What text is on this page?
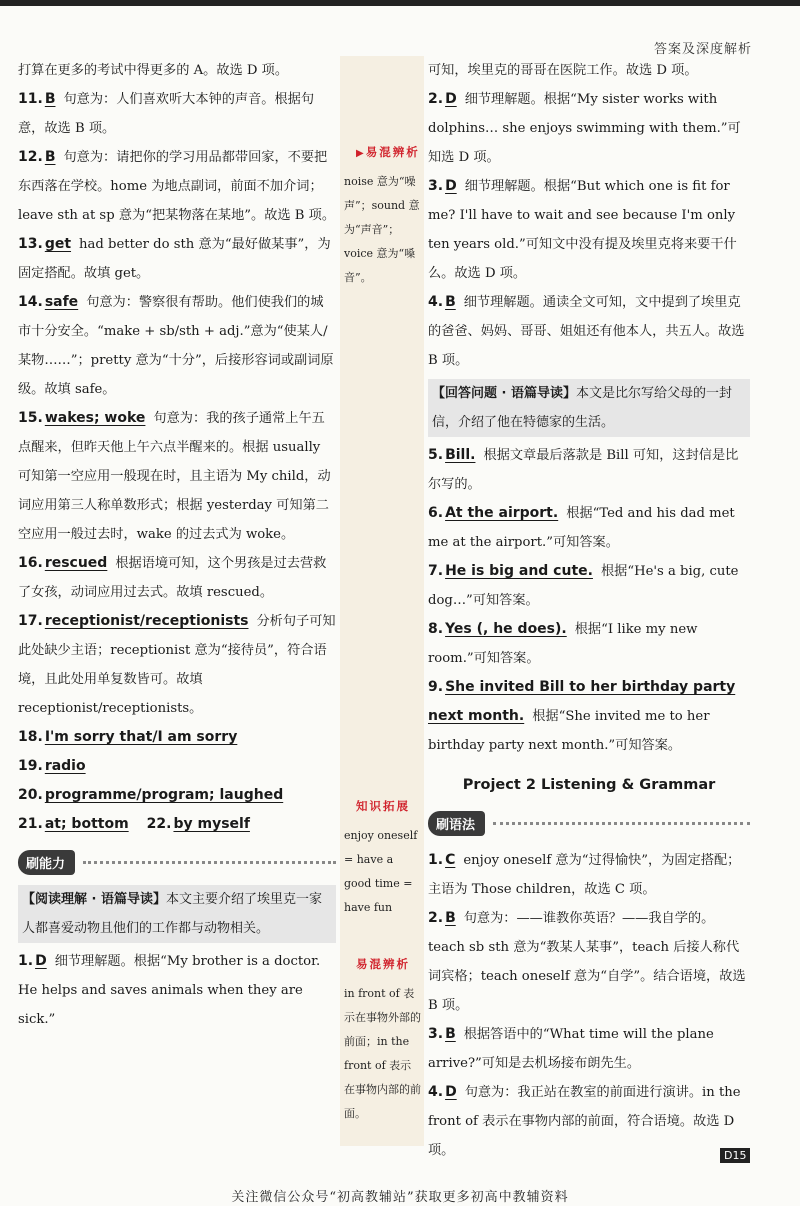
答案及深度解析

打算在更多的考试中得更多的 A。故选 D 项。

11. B 句意为：人们喜欢听大本钟的声音。根据句意，故选 B 项。

12. B 句意为：请把你的学习用品都带回家，不要把东西落在学校。home 为地点副词，前面不加介词；leave sth at sp 意为“把某物落在某地”。故选 B 项。

13. get had better do sth 意为“最好做某事”，为固定搭配。故填 get。

14. safe 句意为：警察很有帮助。他们使我们的城市十分安全。“make + sb/sth + adj.”意为“使某人/某物……”；pretty 意为“十分”，后接形容词或副词原级。故填 safe。

15. wakes; woke 句意为：我的孩子通常上午五点醒来，但昨天他上午六点半醒来的。根据 usually 可知第一空应用一般现在时，且主语为 My child，动词应用第三人称单数形式；根据 yesterday 可知第二空应用一般过去时，wake 的过去式为 woke。

16. rescued 根据语境可知，这个男孩是过去营救了女孩，动词应用过去式。故填 rescued。

17. receptionist/receptionists 分析句子可知此处缺少主语；receptionist 意为“接待员”，符合语境，且此处用单复数皆可。故填 receptionist/receptionists。

18. I'm sorry that/I am sorry

19. radio

20. programme/program; laughed

21. at; bottom 22. by myself

刷能力
【阅读理解 · 语篇导读】本文主要介绍了埃里克一家人都喜爱动物且他们的工作都与动物相关。

1. D 细节理解题。根据“My brother is a doctor. He helps and saves animals when they are sick.”

▶易混辨析
noise 意为“噪声”；sound 意为“声音”；voice 意为“嗓音”。
知识拓展
enjoy oneself = have a good time = have fun
易混辨析
in front of 表示在事物外部的前面；in the front of 表示在事物内部的前面。

可知，埃里克的哥哥在医院工作。故选 D 项。

2. D 细节理解题。根据“My sister works with dolphins… she enjoys swimming with them.”可知选 D 项。

3. D 细节理解题。根据“But which one is fit for me? I'll have to wait and see because I'm only ten years old.”可知文中没有提及埃里克将来要干什么。故选 D 项。

4. B 细节理解题。通读全文可知，文中提到了埃里克的爸爸、妈妈、哥哥、姐姐还有他本人，共五人。故选 B 项。

【回答问题 · 语篇导读】本文是比尔写给父母的一封信，介绍了他在特德家的生活。

5. Bill. 根据文章最后落款是 Bill 可知，这封信是比尔写的。

6. At the airport. 根据“Ted and his dad met me at the airport.”可知答案。

7. He is big and cute. 根据“He's a big, cute dog…”可知答案。

8. Yes (, he does). 根据“I like my new room.”可知答案。

9. She invited Bill to her birthday party next month. 根据“She invited me to her birthday party next month.”可知答案。

Project 2 Listening & Grammar
刷语法

1. C enjoy oneself 意为“过得愉快”，为固定搭配；主语为 Those children，故选 C 项。

2. B 句意为：——谁教你英语？——我自学的。teach sb sth 意为“教某人某事”，teach 后接人称代词宾格；teach oneself 意为“自学”。结合语境，故选 B 项。

3. B 根据答语中的“What time will the plane arrive?”可知是去机场接布朗先生。

4. D 句意为：我正站在教室的前面进行演讲。in the front of 表示在事物内部的前面，符合语境。故选 D 项。	D15
关注微信公众号“初高教辅站”获取更多初高中教辅资料
